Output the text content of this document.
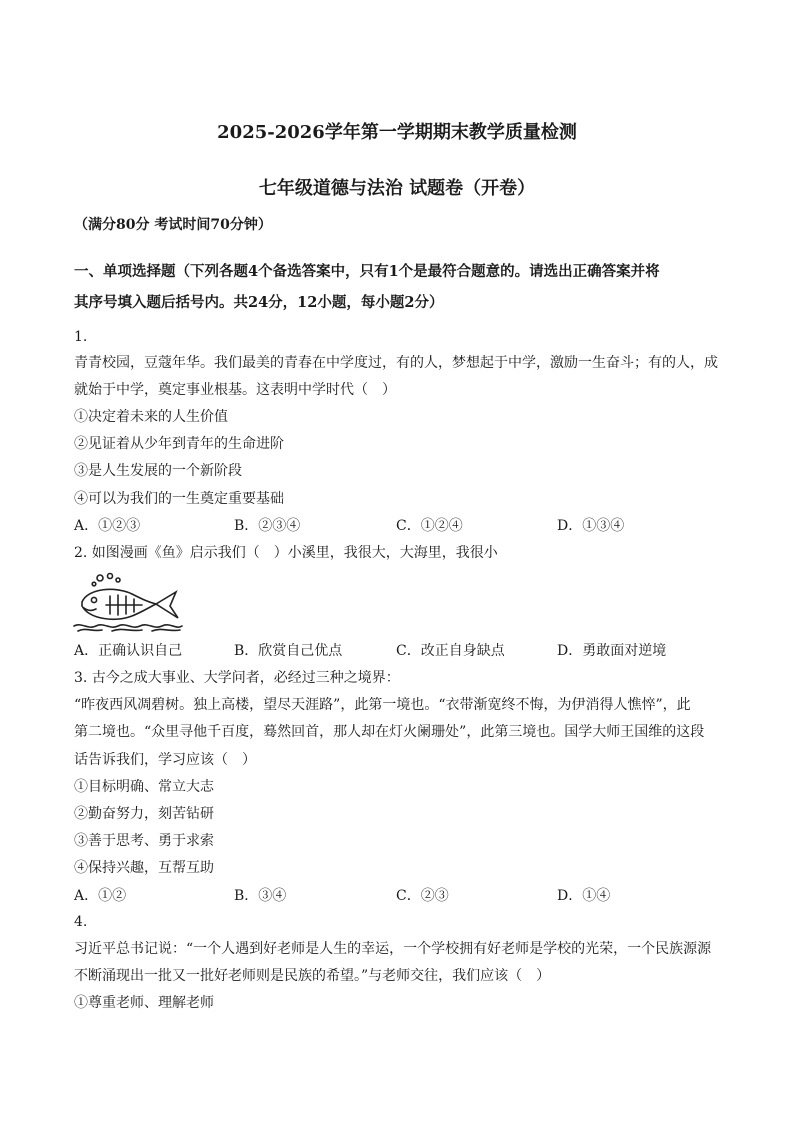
2025-2026学年第一学期期末教学质量检测
七年级道德与法治 试题卷（开卷）
（满分80分 考试时间70分钟）
一、单项选择题（下列各题4个备选答案中，只有1个是最符合题意的。请选出正确答案并将
其序号填入题后括号内。共24分，12小题，每小题2分）
1.
青青校园，豆蔻年华。我们最美的青春在中学度过，有的人，梦想起于中学，激励一生奋斗；有的人，成
就始于中学，奠定事业根基。这表明中学时代（　）
①决定着未来的人生价值
②见证着从少年到青年的生命进阶
③是人生发展的一个新阶段
④可以为我们的一生奠定重要基础
A．①②③	B．②③④	C．①②④	D．①③④
2. 如图漫画《鱼》启示我们（　）小溪里，我很大，大海里，我很小
A．正确认识自己	B．欣赏自己优点	C．改正自身缺点	D．勇敢面对逆境
3. 古今之成大事业、大学问者，必经过三种之境界：
“昨夜西风凋碧树。独上高楼，望尽天涯路”，此第一境也。“衣带渐宽终不悔，为伊消得人憔悴”，此
第二境也。“众里寻他千百度，蓦然回首，那人却在灯火阑珊处”，此第三境也。国学大师王国维的这段
话告诉我们，学习应该（　）
①目标明确、常立大志
②勤奋努力，刻苦钻研
③善于思考、勇于求索
④保持兴趣，互帮互助
A．①②	B．③④	C．②③	D．①④
4.
习近平总书记说：“一个人遇到好老师是人生的幸运，一个学校拥有好老师是学校的光荣，一个民族源源
不断涌现出一批又一批好老师则是民族的希望。”与老师交往，我们应该（　）
①尊重老师、理解老师
